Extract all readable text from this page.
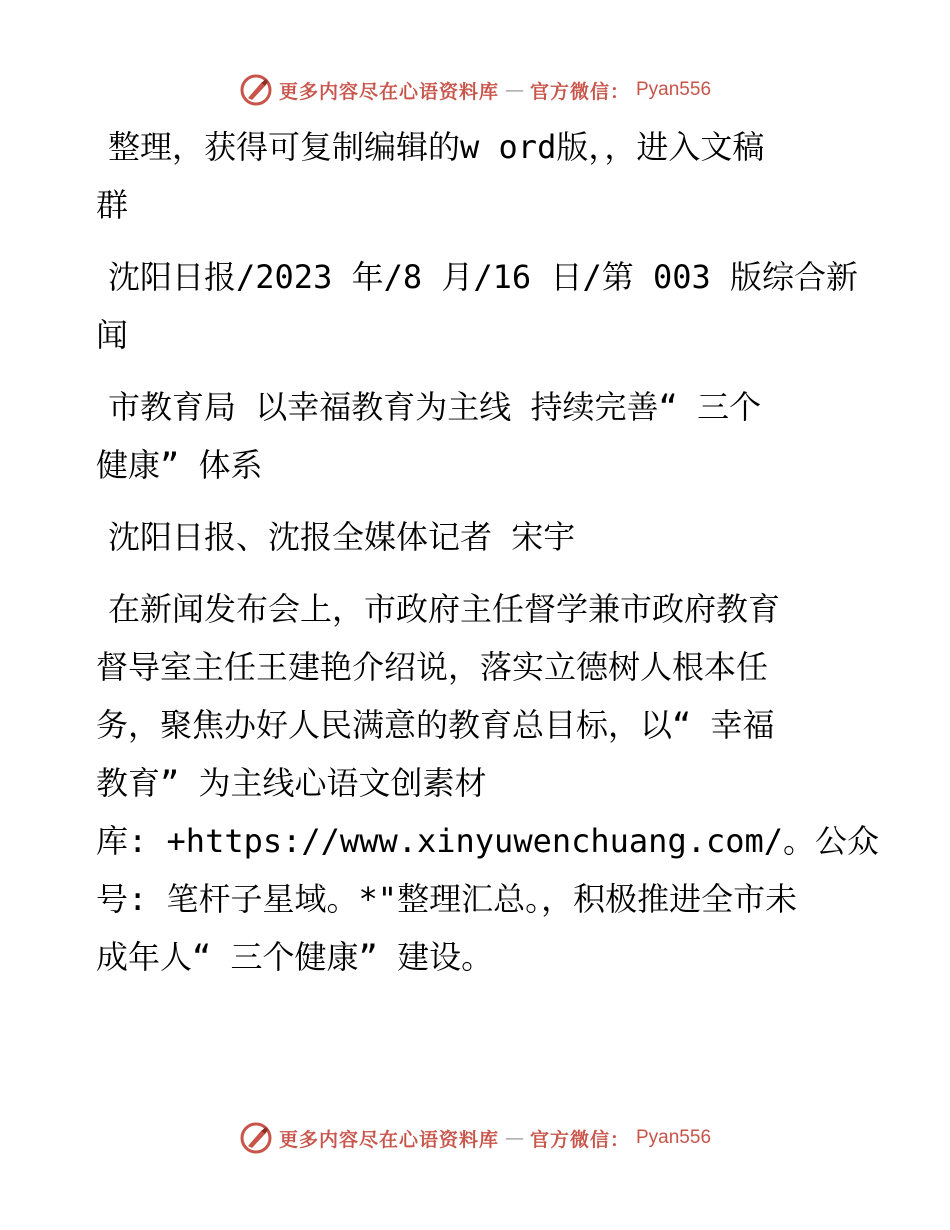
更多内容尽在心语资料库 — 官方微信： Pyan556

整理，获得可复制编辑的w ord版，，进入文稿
群

沈阳日报/2023 年/8 月/16 日/第 003 版综合新
闻

市教育局 以幸福教育为主线 持续完善“ 三个
健康” 体系

沈阳日报、沈报全媒体记者 宋宇

在新闻发布会上，市政府主任督学兼市政府教育
督导室主任王建艳介绍说，落实立德树人根本任
务，聚焦办好人民满意的教育总目标，以“ 幸福
教育” 为主线心语文创素材
库: +https://www.xinyuwenchuang.com/。公众
号: 笔杆子星域。*"整理汇总。，积极推进全市未
成年人“ 三个健康” 建设。

更多内容尽在心语资料库 — 官方微信： Pyan556
